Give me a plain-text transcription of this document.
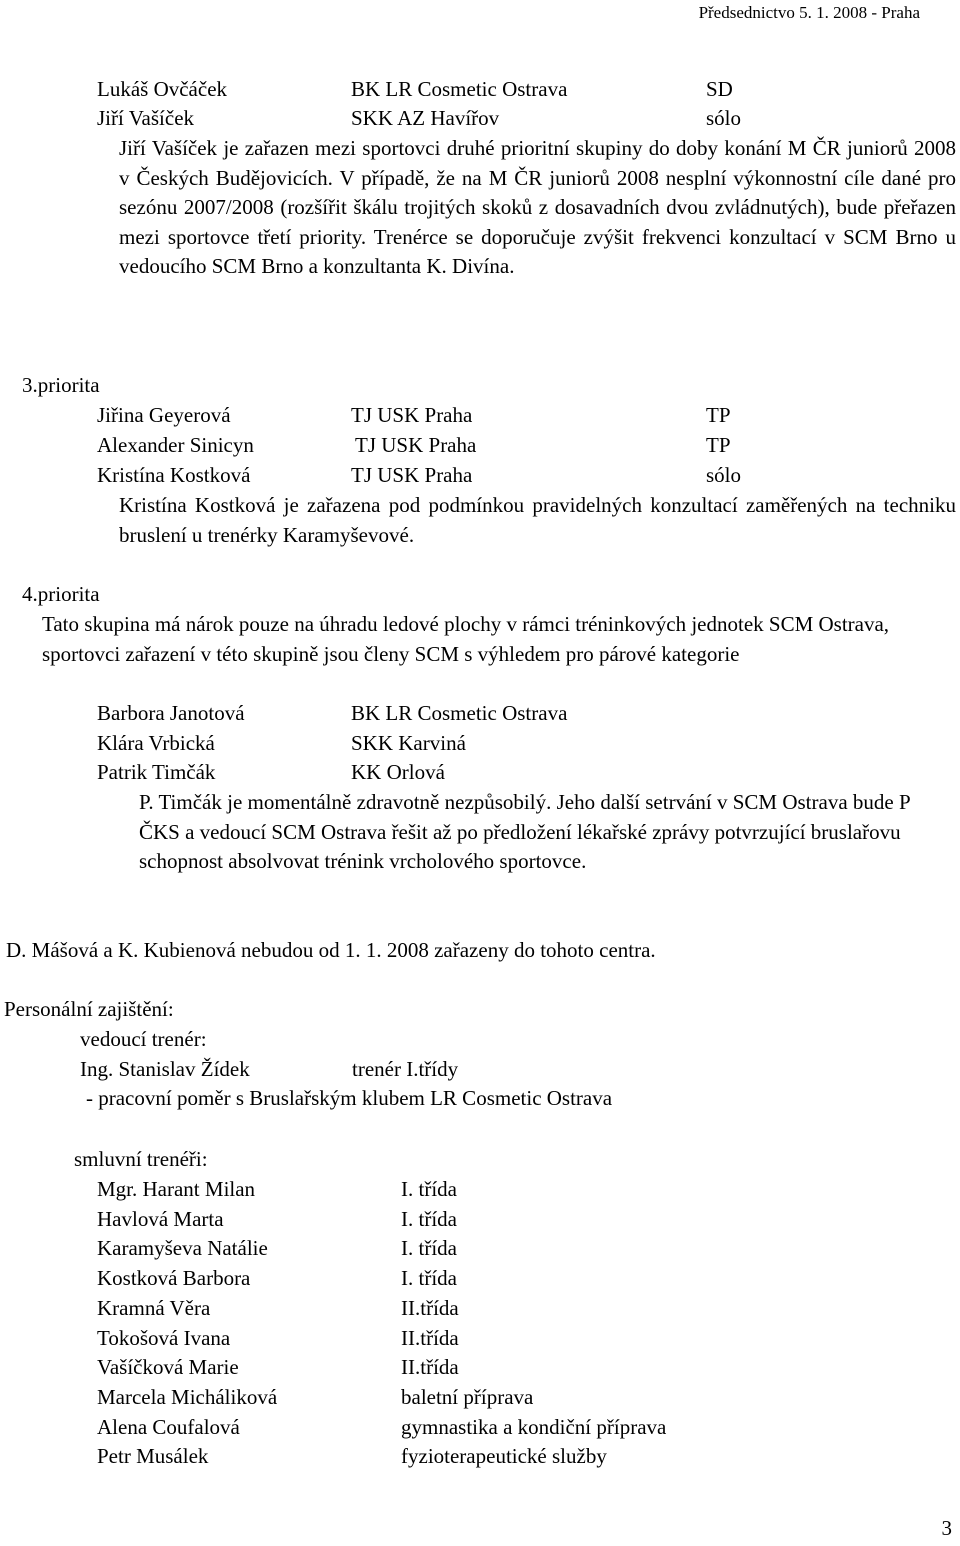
Předsednictvo 5. 1. 2008 - Praha
Lukáš Ovčáček	BK LR Cosmetic Ostrava	SD
Jiří Vašíček	SKK AZ Havířov	sólo
Jiří Vašíček je zařazen mezi sportovci druhé prioritní skupiny do doby konání M ČR juniorů 2008 v Českých Budějovicích. V případě, že na M ČR juniorů 2008 nesplní výkonnostní cíle dané pro sezónu 2007/2008 (rozšířit škálu trojitých skoků z dosavadních dvou zvládnutých), bude přeřazen mezi sportovce třetí priority. Trenérce se doporučuje zvýšit frekvenci konzultací v SCM Brno u vedoucího SCM Brno a konzultanta K. Divína.
3.priorita
Jiřina Geyerová	TJ USK Praha	TP
Alexander Sinicyn	TJ USK Praha	TP
Kristína Kostková	TJ USK Praha	sólo
Kristína Kostková je zařazena pod podmínkou pravidelných konzultací zaměřených na techniku bruslení u trenérky Karamyševové.
4.priorita
Tato skupina má nárok pouze na úhradu ledové plochy v rámci tréninkových jednotek SCM Ostrava, sportovci zařazení v této skupině jsou členy SCM s výhledem pro párové kategorie
Barbora Janotová	BK LR Cosmetic Ostrava
Klára Vrbická	SKK Karviná
Patrik Timčák	KK Orlová
P. Timčák je momentálně zdravotně nezpůsobilý. Jeho další setrvání v SCM Ostrava bude P ČKS a vedoucí SCM Ostrava řešit až po předložení lékařské zprávy potvrzující bruslařovu schopnost absolvovat trénink vrcholového sportovce.
D. Mášová a K. Kubienová nebudou od 1. 1. 2008 zařazeny do tohoto centra.
Personální zajištění:
vedoucí trenér:
Ing. Stanislav Žídek	trenér I.třídy
- pracovní poměr s Bruslařským klubem LR Cosmetic Ostrava
smluvní trenéři:
Mgr. Harant Milan	I. třída
Havlová Marta	I. třída
Karamyševa Natálie	I. třída
Kostková Barbora	I. třída
Kramná Věra	II.třída
Tokošová Ivana	II.třída
Vašíčková Marie	II.třída
Marcela Micháliková	baletní příprava
Alena Coufalová	gymnastika a kondiční příprava
Petr Musálek	fyzioterapeutické služby
3
